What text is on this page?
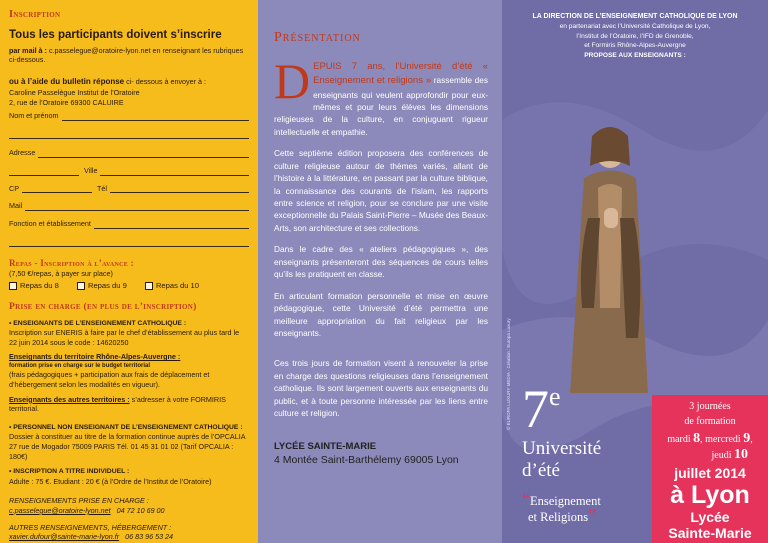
Inscription
Tous les participants doivent s’inscrire
par mail à : c.passelegue@oratoire-lyon.net en renseignant les rubriques ci-dessous.
ou à l’aide du bulletin réponse ci- dessous à envoyer à :
Caroline Passelègue Institut de l’Oratoire
2, rue de l’Oratoire 69300 CALUIRE
Nom et prénom
Adresse
Ville
CP	Tél
Mail
Fonction et établissement
Repas - Inscription à l’avance :
(7,50 €/repas, à payer sur place)
Repas du 8
	Repas du 9
	Repas du 10
Prise en charge (en plus de l’inscription)
• ENSEIGNANTS DE L’ENSEIGNEMENT CATHOLIQUE :
Inscription sur ENERIS à faire par le chef d’établissement au plus tard le 22 juin 2014 sous le code : 14620250
Enseignants du territoire Rhône-Alpes-Auvergne :
formation prise en charge sur le budget territorial
(frais pédagogiques + participation aux frais de déplacement et d’hébergement selon les modalités en vigueur).
Enseignants des autres territoires : s’adresser à votre FORMIRIS territorial.
• PERSONNEL NON ENSEIGNANT DE L’ENSEIGNEMENT CATHOLIQUE :
Dossier à constituer au titre de la formation continue auprès de l’OPCALIA 27 rue de Mogador 75009 PARIS Tél. 01 45 31 01 02 (Tarif OPCALIA : 180€)
• INSCRIPTION A TITRE INDIVIDUEL :
Adulte : 75 €. Etudiant : 20 € (à l’Ordre de l’Institut de l’Oratoire)
RENSEIGNEMENTS PRISE EN CHARGE :
c.passelegue@oratoire-lyon.net 04 72 10 69 00
AUTRES RENSEIGNEMENTS, HÉBERGEMENT :
xavier.dufour@sainte-marie-lyon.fr 06 83 96 53 24
Présentation
D EPUIS 7 ans, l’Université d’été « Enseignement et religions » rassemble des enseignants qui veulent approfondir pour eux-mêmes et pour leurs élèves les dimensions religieuses de la culture, en conjuguant rigueur intellectuelle et empathie.

Cette septième édition proposera des conférences de culture religieuse autour de thèmes variés, allant de l’histoire à la littérature, en passant par la culture biblique, la connaissance des courants de l’islam, les rapports entre science et religion, pour se conclure par une visite exceptionnelle du Palais Saint-Pierre – Musée des Beaux-Arts, son architecture et ses collections.

Dans le cadre des « ateliers pédagogiques », des enseignants présenteront des séquences de cours telles qu’ils les pratiquent en classe.

En articulant formation personnelle et mise en œuvre pédagogique, cette Université d’été permettra une meilleure appropriation du fait religieux par les enseignants.

Ces trois jours de formation visent à renouveler la prise en charge des questions religieuses dans l’enseignement catholique. Ils sont largement ouverts aux enseignants du public, et à toute personne intéressée par les liens entre culture et religion.

LYCÉE SAINTE-MARIE
4 Montée Saint-Barthélemy 69005 Lyon
LA DIRECTION DE L’ENSEIGNEMENT CATHOLIQUE DE LYON
en partenariat avec l’Université Catholique de Lyon,
l’Institut de l’Oratoire, l’IFD de Grenoble,
et Formiris Rhône-Alpes-Auvergne
PROPOSE AUX ENSEIGNANTS :
© EUROPA LUXURY MEDIA - Création : Europa Luxury 7e
Université
d’été
“Enseignement
et Religions”
3 journées
de formation
mardi 8, mercredi 9,
jeudi 10
juillet 2014
à Lyon
Lycée
Sainte-Marie
